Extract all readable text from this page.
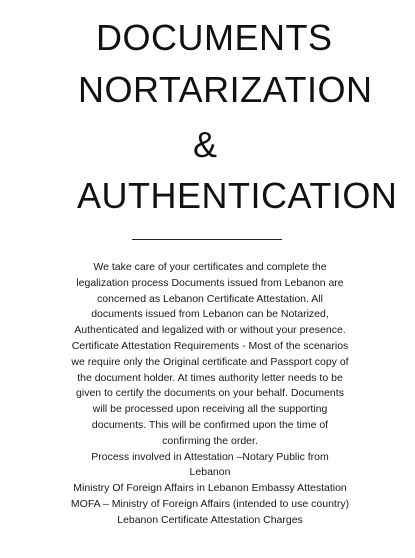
DOCUMENTS
NORTARIZATION
&
AUTHENTICATION

We take care of your certificates and complete the legalization process Documents issued from Lebanon are concerned as Lebanon Certificate Attestation. All documents issued from Lebanon can be Notarized, Authenticated and legalized with or without your presence.

Certificate Attestation Requirements - Most of the scenarios we require only the Original certificate and Passport copy of the document holder. At times authority letter needs to be given to certify the documents on your behalf. Documents will be processed upon receiving all the supporting documents. This will be confirmed upon the time of confirming the order.

Process involved in Attestation –Notary Public from Lebanon

Ministry Of Foreign Affairs in Lebanon Embassy Attestation MOFA – Ministry of Foreign Affairs (intended to use country) Lebanon Certificate Attestation Charges
